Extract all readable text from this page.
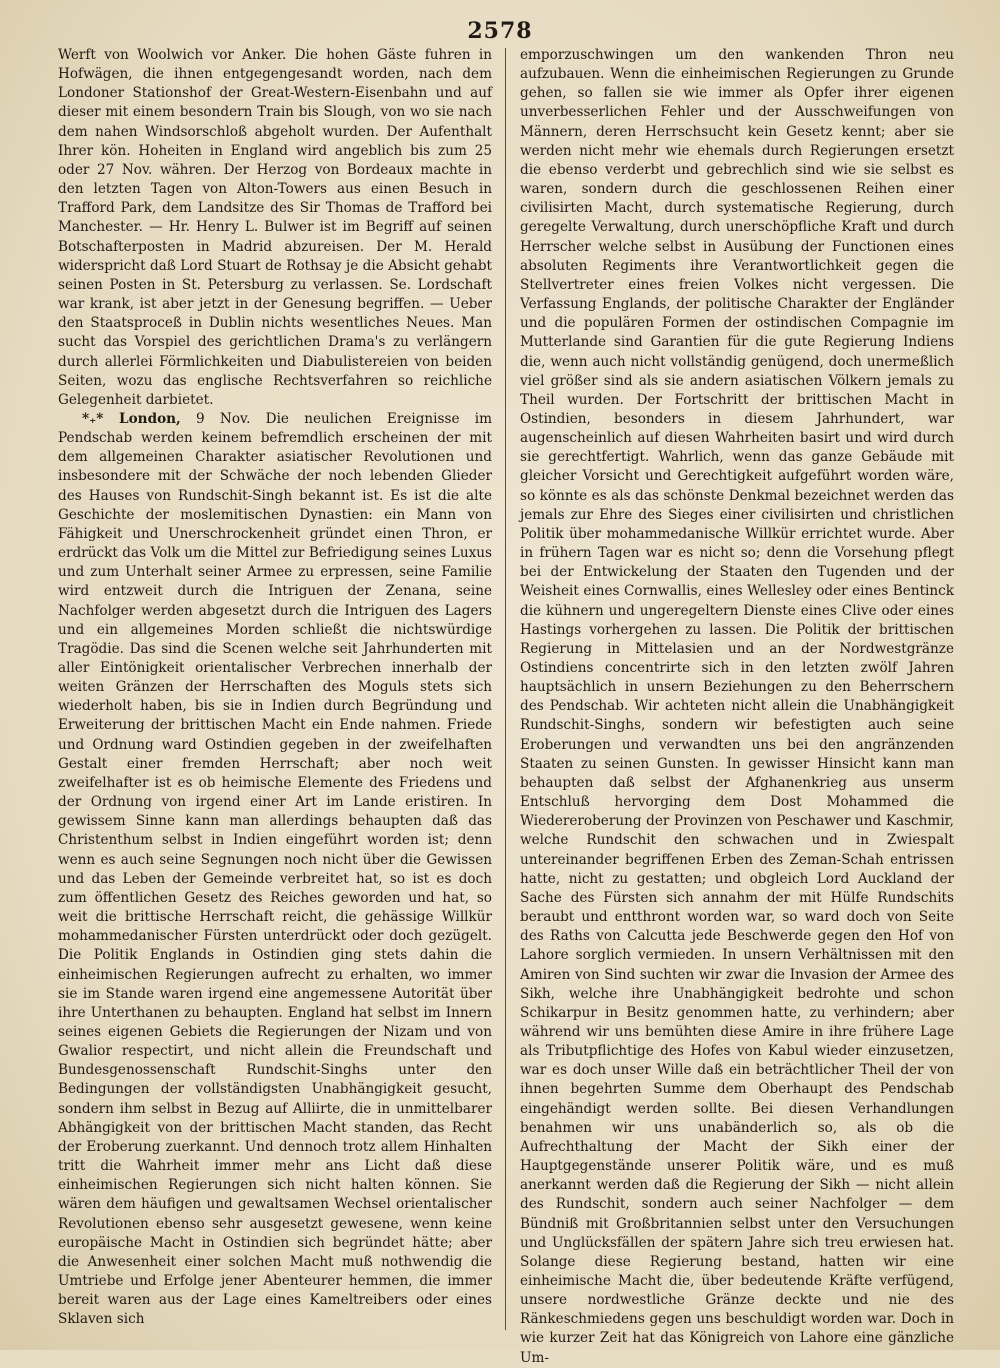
2578

Werft von Woolwich vor Anker. Die hohen Gäste fuhren in Hofwägen, die ihnen entgegengesandt worden, nach dem Londoner Stationshof der Great-Western-Eisenbahn und auf dieser mit einem besondern Train bis Slough, von wo sie nach dem nahen Windsorschloß abgeholt wurden. Der Aufenthalt Ihrer kön. Hoheiten in England wird angeblich bis zum 25 oder 27 Nov. währen. Der Herzog von Bordeaux machte in den letzten Tagen von Alton-Towers aus einen Besuch in Trafford Park, dem Landsitze des Sir Thomas de Trafford bei Manchester. — Hr. Henry L. Bulwer ist im Begriff auf seinen Botschafterposten in Madrid abzureisen. Der M. Herald widerspricht daß Lord Stuart de Rothsay je die Absicht gehabt seinen Posten in St. Petersburg zu verlassen. Se. Lordschaft war krank, ist aber jetzt in der Genesung begriffen. — Ueber den Staatsproceß in Dublin nichts wesentliches Neues. Man sucht das Vorspiel des gerichtlichen Drama's zu verlängern durch allerlei Förmlichkeiten und Diabulistereien von beiden Seiten, wozu das englische Rechtsverfahren so reichliche Gelegenheit darbietet.

*₊* London, 9 Nov. Die neulichen Ereignisse im Pendschab werden keinem befremdlich erscheinen der mit dem allgemeinen Charakter asiatischer Revolutionen und insbesondere mit der Schwäche der noch lebenden Glieder des Hauses von Rundschit-Singh bekannt ist. Es ist die alte Geschichte der moslemitischen Dynastien: ein Mann von Fähigkeit und Unerschrockenheit gründet einen Thron, er erdrückt das Volk um die Mittel zur Befriedigung seines Luxus und zum Unterhalt seiner Armee zu erpressen, seine Familie wird entzweit durch die Intriguen der Zenana, seine Nachfolger werden abgesetzt durch die Intriguen des Lagers und ein allgemeines Morden schließt die nichtswürdige Tragödie. Das sind die Scenen welche seit Jahrhunderten mit aller Eintönigkeit orientalischer Verbrechen innerhalb der weiten Gränzen der Herrschaften des Moguls stets sich wiederholt haben, bis sie in Indien durch Begründung und Erweiterung der brittischen Macht ein Ende nahmen. Friede und Ordnung ward Ostindien gegeben in der zweifelhaften Gestalt einer fremden Herrschaft; aber noch weit zweifelhafter ist es ob heimische Elemente des Friedens und der Ordnung von irgend einer Art im Lande eristiren. In gewissem Sinne kann man allerdings behaupten daß das Christenthum selbst in Indien eingeführt worden ist; denn wenn es auch seine Segnungen noch nicht über die Gewissen und das Leben der Gemeinde verbreitet hat, so ist es doch zum öffentlichen Gesetz des Reiches geworden und hat, so weit die brittische Herrschaft reicht, die gehässige Willkür mohammedanischer Fürsten unterdrückt oder doch gezügelt. Die Politik Englands in Ostindien ging stets dahin die einheimischen Regierungen aufrecht zu erhalten, wo immer sie im Stande waren irgend eine angemessene Autorität über ihre Unterthanen zu behaupten. England hat selbst im Innern seines eigenen Gebiets die Regierungen der Nizam und von Gwalior respectirt, und nicht allein die Freundschaft und Bundesgenossenschaft Rundschit-Singhs unter den Bedingungen der vollständigsten Unabhängigkeit gesucht, sondern ihm selbst in Bezug auf Alliirte, die in unmittelbarer Abhängigkeit von der brittischen Macht standen, das Recht der Eroberung zuerkannt. Und dennoch trotz allem Hinhalten tritt die Wahrheit immer mehr ans Licht daß diese einheimischen Regierungen sich nicht halten können. Sie wären dem häufigen und gewaltsamen Wechsel orientalischer Revolutionen ebenso sehr ausgesetzt gewesene, wenn keine europäische Macht in Ostindien sich begründet hätte; aber die Anwesenheit einer solchen Macht muß nothwendig die Umtriebe und Erfolge jener Abenteurer hemmen, die immer bereit waren aus der Lage eines Kameltreibers oder eines Sklaven sich

emporzuschwingen um den wankenden Thron neu aufzubauen. Wenn die einheimischen Regierungen zu Grunde gehen, so fallen sie wie immer als Opfer ihrer eigenen unverbesserlichen Fehler und der Ausschweifungen von Männern, deren Herrschsucht kein Gesetz kennt; aber sie werden nicht mehr wie ehemals durch Regierungen ersetzt die ebenso verderbt und gebrechlich sind wie sie selbst es waren, sondern durch die geschlossenen Reihen einer civilisirten Macht, durch systematische Regierung, durch geregelte Verwaltung, durch unerschöpfliche Kraft und durch Herrscher welche selbst in Ausübung der Functionen eines absoluten Regiments ihre Verantwortlichkeit gegen die Stellvertreter eines freien Volkes nicht vergessen. Die Verfassung Englands, der politische Charakter der Engländer und die populären Formen der ostindischen Compagnie im Mutterlande sind Garantien für die gute Regierung Indiens die, wenn auch nicht vollständig genügend, doch unermeßlich viel größer sind als sie andern asiatischen Völkern jemals zu Theil wurden. Der Fortschritt der brittischen Macht in Ostindien, besonders in diesem Jahrhundert, war augenscheinlich auf diesen Wahrheiten basirt und wird durch sie gerechtfertigt. Wahrlich, wenn das ganze Gebäude mit gleicher Vorsicht und Gerechtigkeit aufgeführt worden wäre, so könnte es als das schönste Denkmal bezeichnet werden das jemals zur Ehre des Sieges einer civilisirten und christlichen Politik über mohammedanische Willkür errichtet wurde. Aber in frühern Tagen war es nicht so; denn die Vorsehung pflegt bei der Entwickelung der Staaten den Tugenden und der Weisheit eines Cornwallis, eines Wellesley oder eines Bentinck die kühnern und ungeregeltern Dienste eines Clive oder eines Hastings vorhergehen zu lassen. Die Politik der brittischen Regierung in Mittelasien und an der Nordwestgränze Ostindiens concentrirte sich in den letzten zwölf Jahren hauptsächlich in unsern Beziehungen zu den Beherrschern des Pendschab. Wir achteten nicht allein die Unabhängigkeit Rundschit-Singhs, sondern wir befestigten auch seine Eroberungen und verwandten uns bei den angränzenden Staaten zu seinen Gunsten. In gewisser Hinsicht kann man behaupten daß selbst der Afghanenkrieg aus unserm Entschluß hervorging dem Dost Mohammed die Wiedereroberung der Provinzen von Peschawer und Kaschmir, welche Rundschit den schwachen und in Zwiespalt untereinander begriffenen Erben des Zeman-Schah entrissen hatte, nicht zu gestatten; und obgleich Lord Auckland der Sache des Fürsten sich annahm der mit Hülfe Rundschits beraubt und entthront worden war, so ward doch von Seite des Raths von Calcutta jede Beschwerde gegen den Hof von Lahore sorglich vermieden. In unsern Verhältnissen mit den Amiren von Sind suchten wir zwar die Invasion der Armee des Sikh, welche ihre Unabhängigkeit bedrohte und schon Schikarpur in Besitz genommen hatte, zu verhindern; aber während wir uns bemühten diese Amire in ihre frühere Lage als Tributpflichtige des Hofes von Kabul wieder einzusetzen, war es doch unser Wille daß ein beträchtlicher Theil der von ihnen begehrten Summe dem Oberhaupt des Pendschab eingehändigt werden sollte. Bei diesen Verhandlungen benahmen wir uns unabänderlich so, als ob die Aufrechthaltung der Macht der Sikh einer der Hauptgegenstände unserer Politik wäre, und es muß anerkannt werden daß die Regierung der Sikh — nicht allein des Rundschit, sondern auch seiner Nachfolger — dem Bündniß mit Großbritannien selbst unter den Versuchungen und Unglücksfällen der spätern Jahre sich treu erwiesen hat. Solange diese Regierung bestand, hatten wir eine einheimische Macht die, über bedeutende Kräfte verfügend, unsere nordwestliche Gränze deckte und nie des Ränkeschmiedens gegen uns beschuldigt worden war. Doch in wie kurzer Zeit hat das Königreich von Lahore eine gänzliche Um-
